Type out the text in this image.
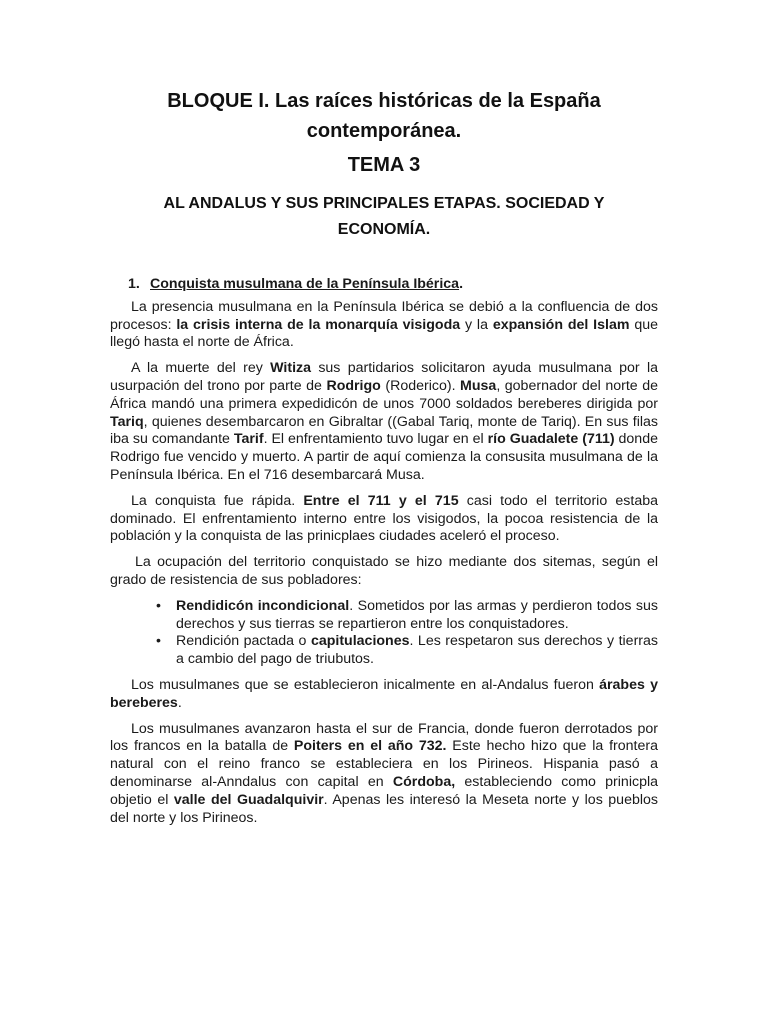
BLOQUE I. Las raíces históricas de la España
contemporánea.
TEMA 3
AL ANDALUS Y SUS PRINCIPALES ETAPAS. SOCIEDAD Y
ECONOMÍA.
1. Conquista musulmana de la Península Ibérica.

La presencia musulmana en la Península Ibérica se debió a la confluencia de dos procesos: la crisis interna de la monarquía visigoda y la expansión del Islam que llegó hasta el norte de África.

A la muerte del rey Witiza sus partidarios solicitaron ayuda musulmana por la usurpación del trono por parte de Rodrigo (Roderico). Musa, gobernador del norte de África mandó una primera expedidicón de unos 7000 soldados bereberes dirigida por Tariq, quienes desembarcaron en Gibraltar ((Gabal Tariq, monte de Tariq). En sus filas iba su comandante Tarif. El enfrentamiento tuvo lugar en el río Guadalete (711) donde Rodrigo fue vencido y muerto. A partir de aquí comienza la consusita musulmana de la Península Ibérica. En el 716 desembarcará Musa.

La conquista fue rápida. Entre el 711 y el 715 casi todo el territorio estaba dominado. El enfrentamiento interno entre los visigodos, la pocoa resistencia de la población y la conquista de las prinicplaes ciudades aceleró el proceso.

La ocupación del territorio conquistado se hizo mediante dos sitemas, según el grado de resistencia de sus pobladores:

• Rendidicón incondicional. Sometidos por las armas y perdieron todos sus derechos y sus tierras se repartieron entre los conquistadores.
• Rendición pactada o capitulaciones. Les respetaron sus derechos y tierras a cambio del pago de triubutos.

Los musulmanes que se establecieron inicalmente en al-Andalus fueron árabes y bereberes.

Los musulmanes avanzaron hasta el sur de Francia, donde fueron derrotados por los francos en la batalla de Poiters en el año 732. Este hecho hizo que la frontera natural con el reino franco se estableciera en los Pirineos. Hispania pasó a denominarse al-Anndalus con capital en Córdoba, estableciendo como prinicpla objetio el valle del Guadalquivir. Apenas les interesó la Meseta norte y los pueblos del norte y los Pirineos.
